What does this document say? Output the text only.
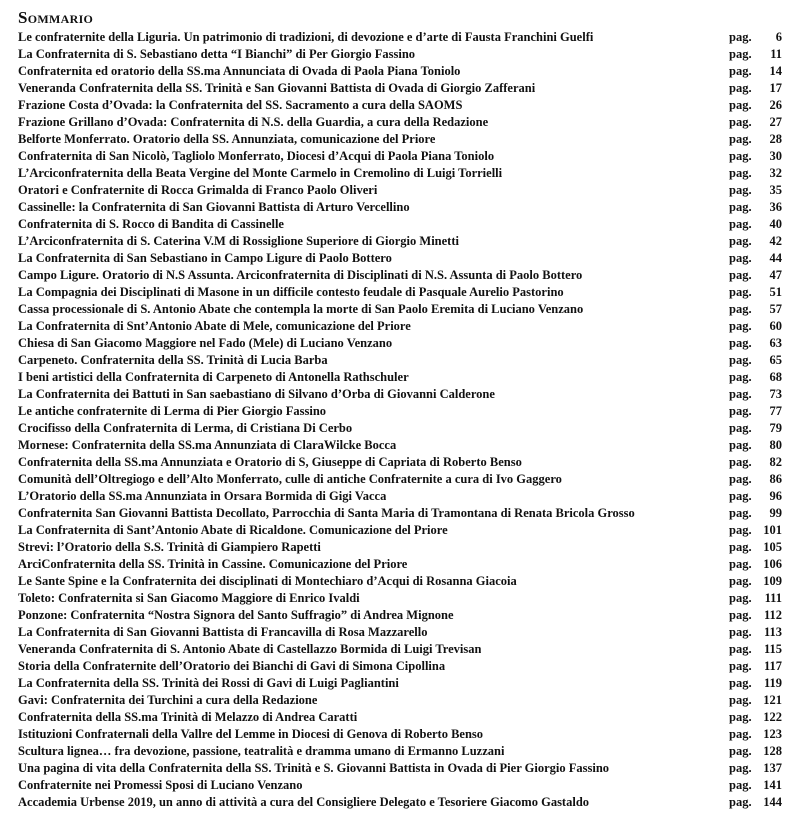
Sommario
Le confraternite della Liguria. Un patrimonio di tradizioni, di devozione e d’arte di Fausta Franchini Guelfi	pag.	6
La Confraternita di S. Sebastiano detta “I Bianchi” di Per Giorgio Fassino	pag.	11
Confraternita ed oratorio della SS.ma Annunciata di Ovada di Paola Piana Toniolo	pag.	14
Veneranda Confraternita della SS. Trinità e San Giovanni Battista di Ovada di Giorgio Zafferani	pag.	17
Frazione Costa d’Ovada: la Confraternita del SS. Sacramento a cura della SAOMS	pag.	26
Frazione Grillano d’Ovada: Confraternita di N.S. della Guardia, a cura della Redazione	pag.	27
Belforte Monferrato. Oratorio della SS. Annunziata, comunicazione del Priore	pag.	28
Confraternita di San Nicolò, Tagliolo Monferrato, Diocesi d’Acqui di Paola Piana Toniolo	pag.	30
L’Arciconfraternita della Beata Vergine del Monte Carmelo in Cremolino di Luigi Torrielli	pag.	32
Oratori e Confraternite di Rocca Grimalda di Franco Paolo Oliveri	pag.	35
Cassinelle: la Confraternita di San Giovanni Battista di Arturo Vercellino	pag.	36
Confraternita di S. Rocco di Bandita di Cassinelle	pag.	40
L’Arciconfraternita di S. Caterina V.M di Rossiglione Superiore di Giorgio Minetti	pag.	42
La Confraternita di San Sebastiano in Campo Ligure di Paolo Bottero	pag.	44
Campo Ligure. Oratorio di N.S Assunta. Arciconfraternita di Disciplinati di N.S. Assunta di Paolo Bottero	pag.	47
La Compagnia dei Disciplinati di Masone in un difficile contesto feudale di Pasquale Aurelio Pastorino	pag.	51
Cassa processionale di S. Antonio Abate che contempla la morte di San Paolo Eremita di Luciano Venzano	pag.	57
La Confraternita di Snt’Antonio Abate di Mele, comunicazione del Priore	pag.	60
Chiesa di San Giacomo Maggiore nel Fado (Mele) di Luciano Venzano	pag.	63
Carpeneto. Confraternita della SS. Trinità di Lucia Barba	pag.	65
I beni artistici della Confraternita di Carpeneto di Antonella Rathschuler	pag.	68
La Confraternita dei Battuti in San saebastiano di Silvano d’Orba di Giovanni Calderone	pag.	73
Le antiche confraternite di Lerma di Pier Giorgio Fassino	pag.	77
Crocifisso della Confraternita di Lerma, di Cristiana Di Cerbo	pag.	79
Mornese: Confraternita della SS.ma Annunziata di ClaraWilcke Bocca	pag.	80
Confraternita della SS.ma Annunziata e Oratorio di S, Giuseppe di Capriata di Roberto Benso	pag.	82
Comunità dell’Oltregiogo e dell’Alto Monferrato, culle di antiche Confraternite a cura di Ivo Gaggero	pag.	86
L’Oratorio della SS.ma Annunziata in Orsara Bormida di Gigi Vacca	pag.	96
Confraternita San Giovanni Battista Decollato, Parrocchia di Santa Maria di Tramontana di Renata Bricola Grosso	pag.	99
La Confraternita di Sant’Antonio Abate di Ricaldone. Comunicazione del Priore	pag. 101
Strevi: l’Oratorio della S.S. Trinità di Giampiero Rapetti	pag. 105
ArciConfraternita della SS. Trinità in Cassine. Comunicazione del Priore	pag. 106
Le Sante Spine e la Confraternita dei disciplinati di Montechiaro d’Acqui di Rosanna Giacoia	pag. 109
Toleto: Confraternita si San Giacomo Maggiore di Enrico Ivaldi	pag.	111
Ponzone: Confraternita “Nostra Signora del Santo Suffragio” di Andrea Mignone	pag. 112
La Confraternita di San Giovanni Battista di Francavilla di Rosa Mazzarello	pag. 113
Veneranda Confraternita di S. Antonio Abate di Castellazzo Bormida di Luigi Trevisan	pag. 115
Storia della Confraternite dell’Oratorio dei Bianchi di Gavi di Simona Cipollina	pag. 117
La Confraternita della SS. Trinità dei Rossi di Gavi di Luigi Pagliantini	pag. 119
Gavi: Confraternita dei Turchini a cura della Redazione	pag. 121
Confraternita della SS.ma Trinità di Melazzo di Andrea Caratti	pag. 122
Istituzioni Confraternali della Vallre del Lemme in Diocesi di Genova di Roberto Benso	pag. 123
Scultura lignea… fra devozione, passione, teatralità e dramma umano di Ermanno Luzzani	pag. 128
Una pagina di vita della Confraternita della SS. Trinità e S. Giovanni Battista in Ovada di Pier Giorgio Fassino	pag. 137
Confraternite nei Promessi Sposi di Luciano Venzano	pag. 141
Accademia Urbense 2019, un anno di attività a cura del Consigliere Delegato e Tesoriere Giacomo Gastaldo	pag. 144
